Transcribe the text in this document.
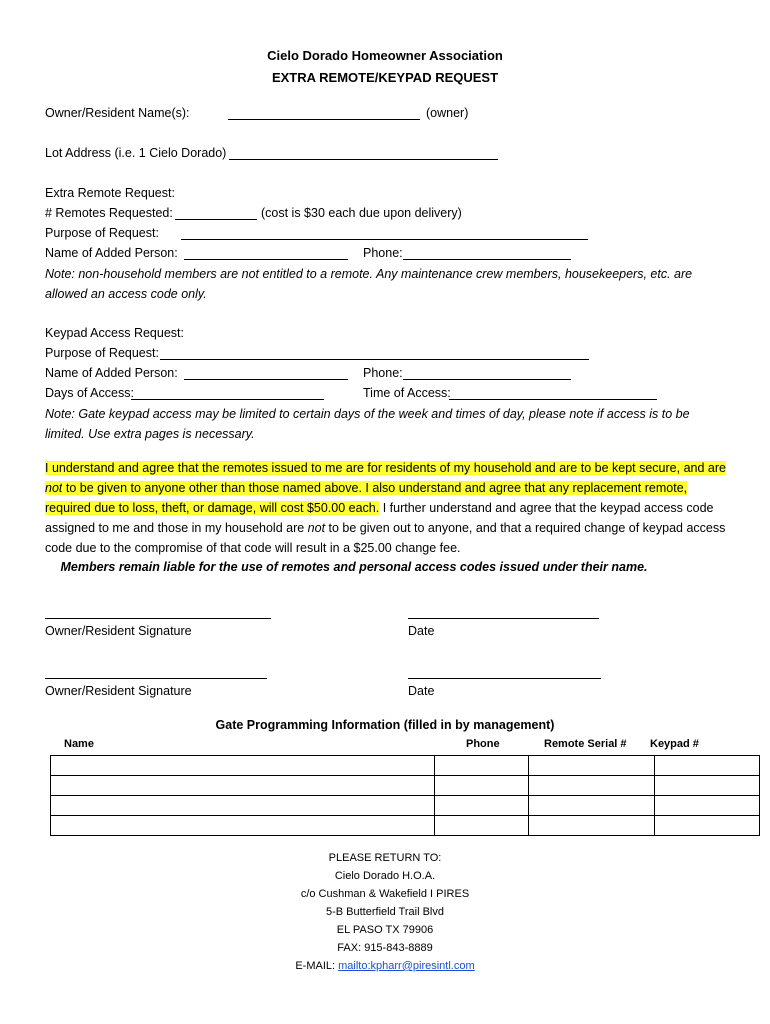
Cielo Dorado Homeowner Association
EXTRA REMOTE/KEYPAD REQUEST
Owner/Resident Name(s):	(owner)
Lot Address (i.e. 1 Cielo Dorado)
Extra Remote Request:
# Remotes Requested:	(cost is $30 each due upon delivery)
Purpose of Request:
Name of Added Person:	Phone:
Note: non-household members are not entitled to a remote. Any maintenance crew members, housekeepers, etc. are allowed an access code only.
Keypad Access Request:
Purpose of Request:
Name of Added Person:	Phone:
Days of Access:	Time of Access:
Note: Gate keypad access may be limited to certain days of the week and times of day, please note if access is to be limited. Use extra pages is necessary.
I understand and agree that the remotes issued to me are for residents of my household and are to be kept secure, and are not to be given to anyone other than those named above. I also understand and agree that any replacement remote, required due to loss, theft, or damage, will cost $50.00 each. I further understand and agree that the keypad access code assigned to me and those in my household are not to be given out to anyone, and that a required change of keypad access code due to the compromise of that code will result in a $25.00 change fee.
Members remain liable for the use of remotes and personal access codes issued under their name.
Owner/Resident Signature	Date
Owner/Resident Signature	Date
Gate Programming Information (filled in by management)
Name	Phone	Remote Serial # Keypad #

PLEASE RETURN TO:
Cielo Dorado H.O.A.
c/o Cushman & Wakefield I PIRES
5-B Butterfield Trail Blvd
EL PASO TX 79906
FAX: 915-843-8889
E-MAIL: mailto:kpharr@piresintl.com
